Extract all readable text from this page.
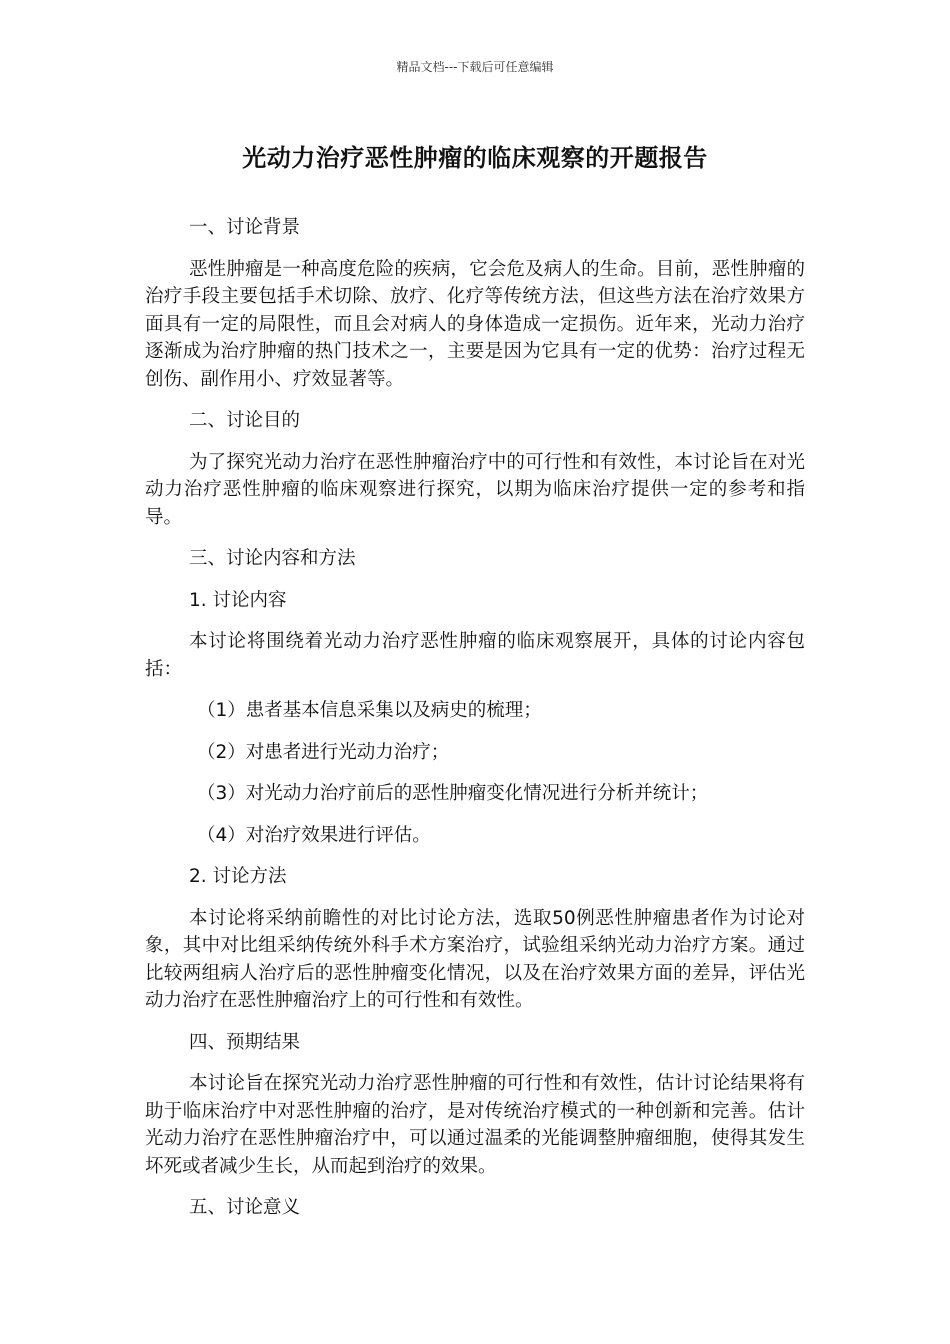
精品文档---下载后可任意编辑
光动力治疗恶性肿瘤的临床观察的开题报告

一、讨论背景

恶性肿瘤是一种高度危险的疾病，它会危及病人的生命。目前，恶性肿瘤的治疗手段主要包括手术切除、放疗、化疗等传统方法，但这些方法在治疗效果方面具有一定的局限性，而且会对病人的身体造成一定损伤。近年来，光动力治疗逐渐成为治疗肿瘤的热门技术之一，主要是因为它具有一定的优势：治疗过程无创伤、副作用小、疗效显著等。

二、讨论目的

为了探究光动力治疗在恶性肿瘤治疗中的可行性和有效性，本讨论旨在对光动力治疗恶性肿瘤的临床观察进行探究，以期为临床治疗提供一定的参考和指导。

三、讨论内容和方法

1. 讨论内容

本讨论将围绕着光动力治疗恶性肿瘤的临床观察展开，具体的讨论内容包括：

（1）患者基本信息采集以及病史的梳理；

（2）对患者进行光动力治疗；

（3）对光动力治疗前后的恶性肿瘤变化情况进行分析并统计；

（4）对治疗效果进行评估。

2. 讨论方法

本讨论将采纳前瞻性的对比讨论方法，选取50例恶性肿瘤患者作为讨论对象，其中对比组采纳传统外科手术方案治疗，试验组采纳光动力治疗方案。通过比较两组病人治疗后的恶性肿瘤变化情况，以及在治疗效果方面的差异，评估光动力治疗在恶性肿瘤治疗上的可行性和有效性。

四、预期结果

本讨论旨在探究光动力治疗恶性肿瘤的可行性和有效性，估计讨论结果将有助于临床治疗中对恶性肿瘤的治疗，是对传统治疗模式的一种创新和完善。估计光动力治疗在恶性肿瘤治疗中，可以通过温柔的光能调整肿瘤细胞，使得其发生坏死或者减少生长，从而起到治疗的效果。

五、讨论意义
